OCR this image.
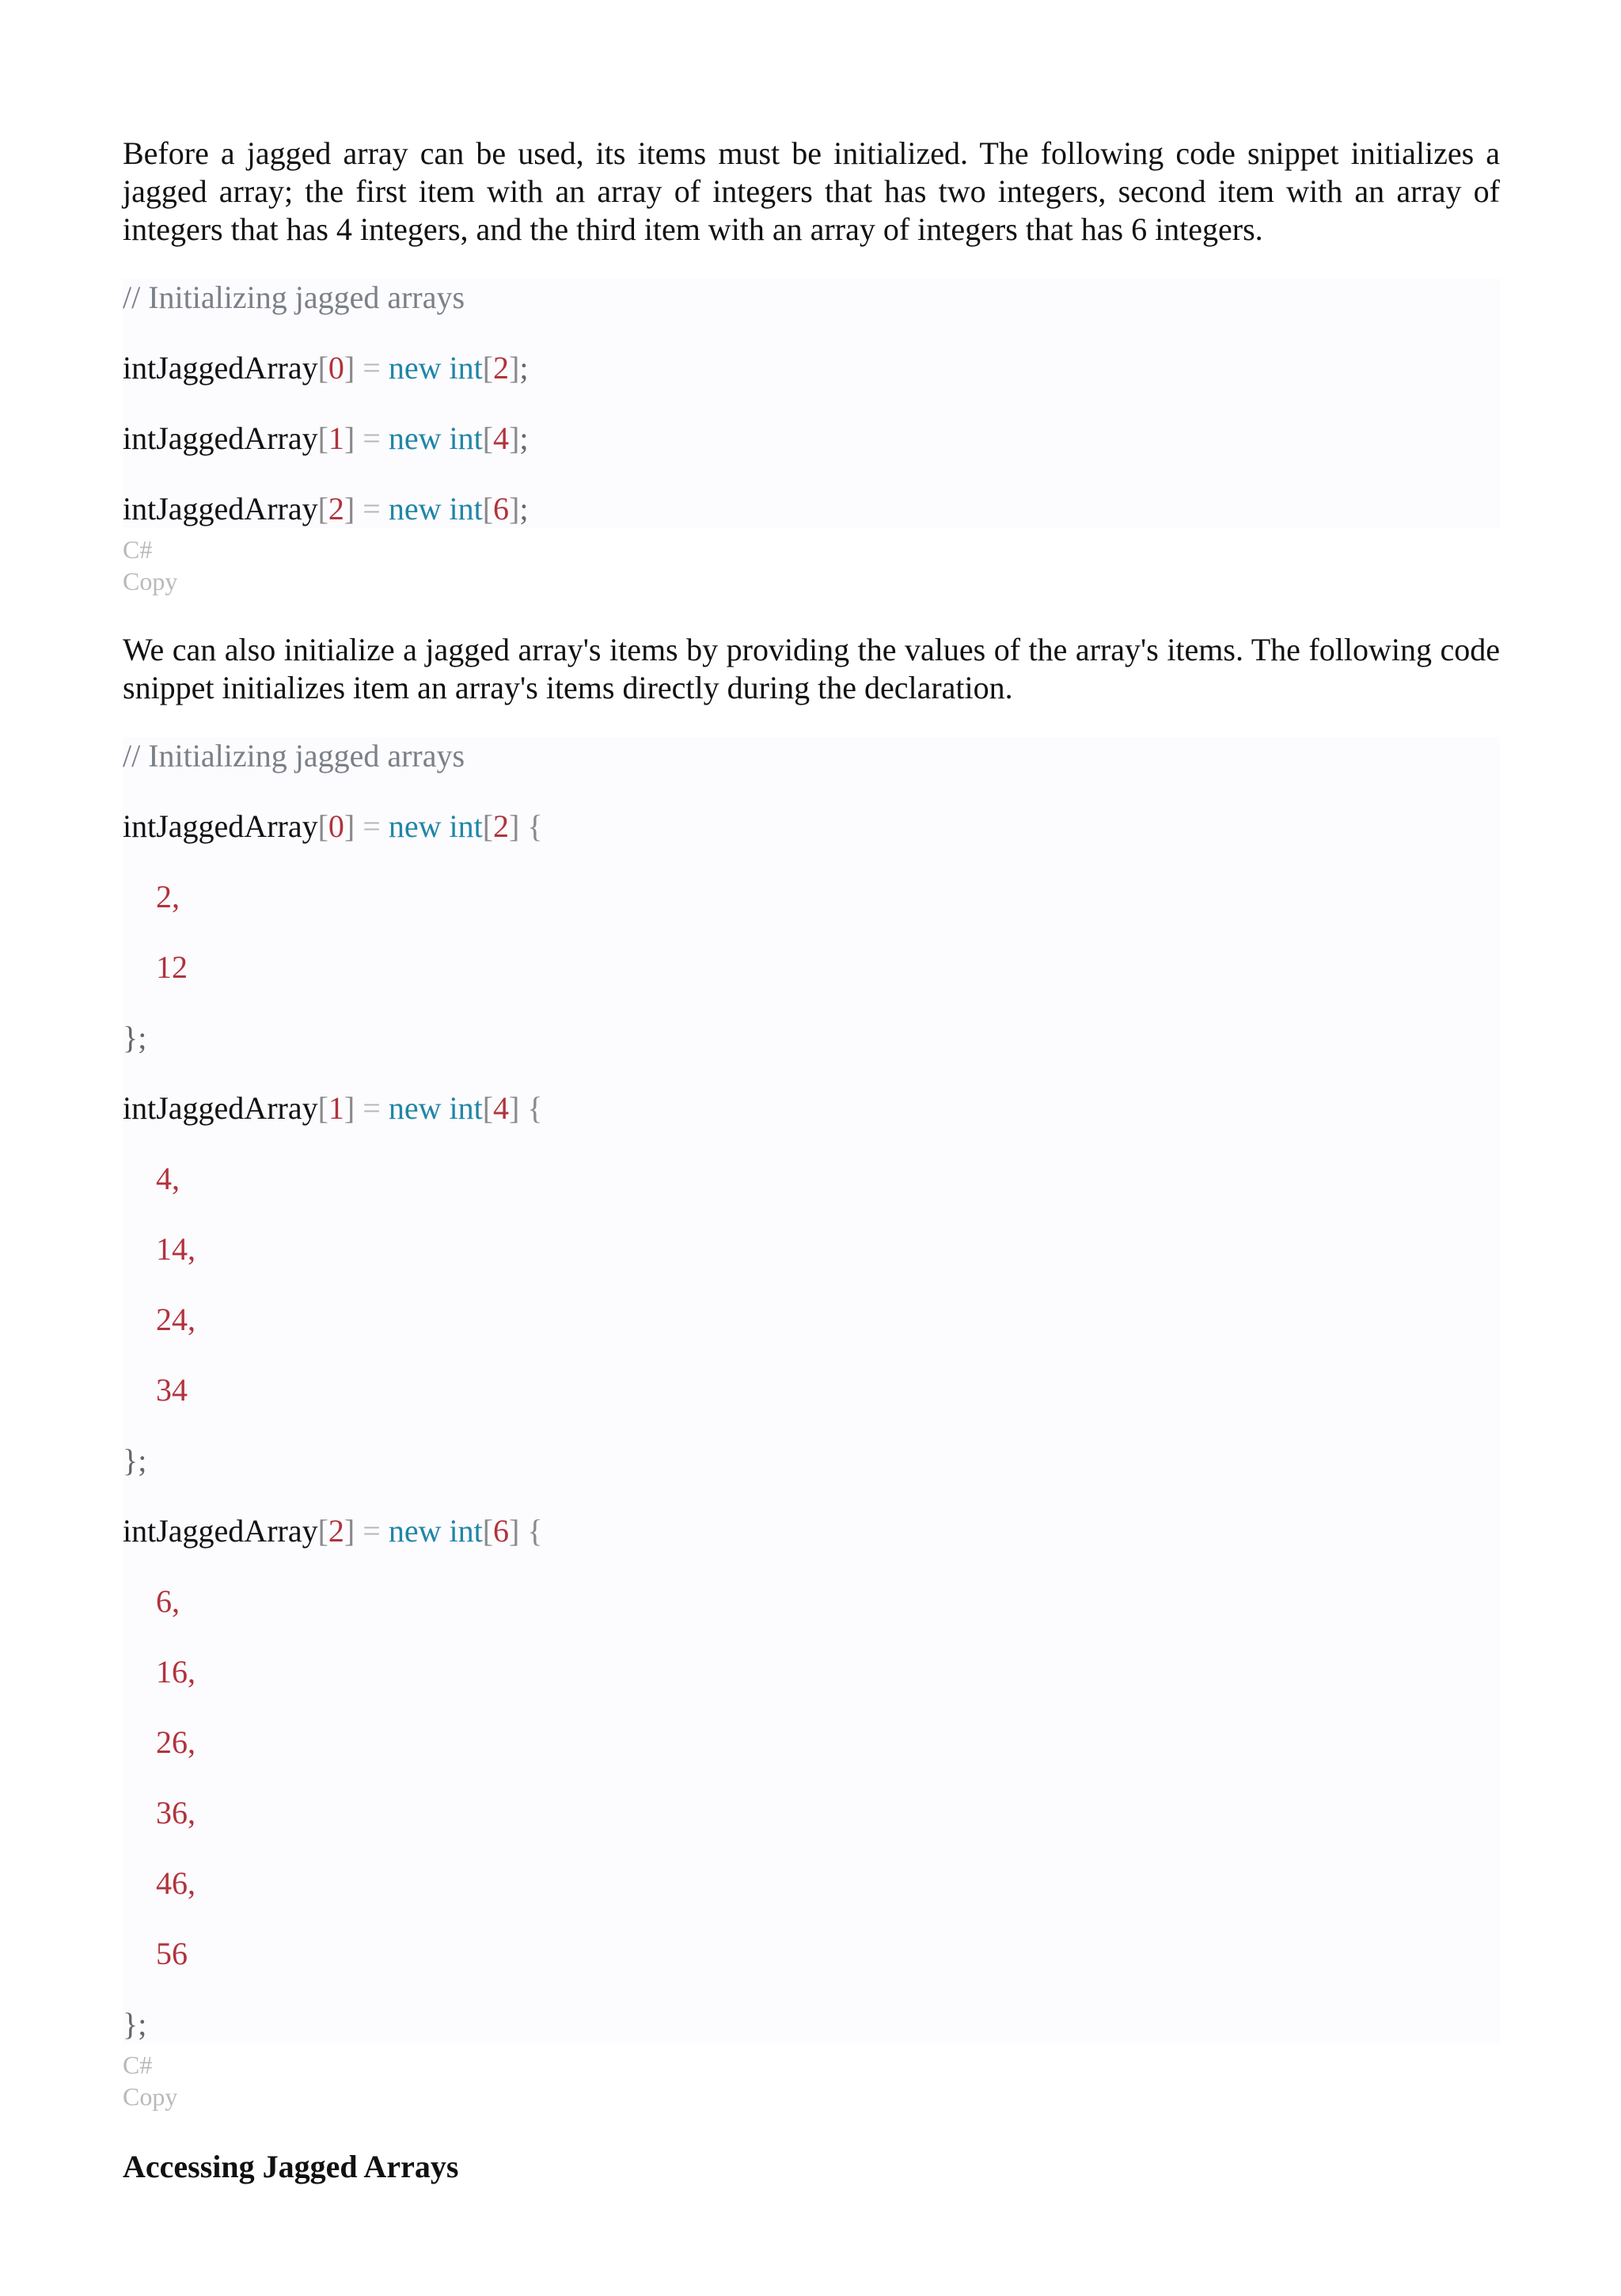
Before a jagged array can be used, its items must be initialized. The following code snippet initializes a jagged array; the first item with an array of integers that has two integers, second item with an array of integers that has 4 integers, and the third item with an array of integers that has 6 integers.

// Initializing jagged arrays
intJaggedArray[0] = new int[2];
intJaggedArray[1] = new int[4];
intJaggedArray[2] = new int[6];
C#
Copy

We can also initialize a jagged array's items by providing the values of the array's items. The following code snippet initializes item an array's items directly during the declaration.

// Initializing jagged arrays
intJaggedArray[0] = new int[2] {
2,
12
};
intJaggedArray[1] = new int[4] {
4,
14,
24,
34
};
intJaggedArray[2] = new int[6] {
6,
16,
26,
36,
46,
56
};
C#
Copy
Accessing Jagged Arrays
